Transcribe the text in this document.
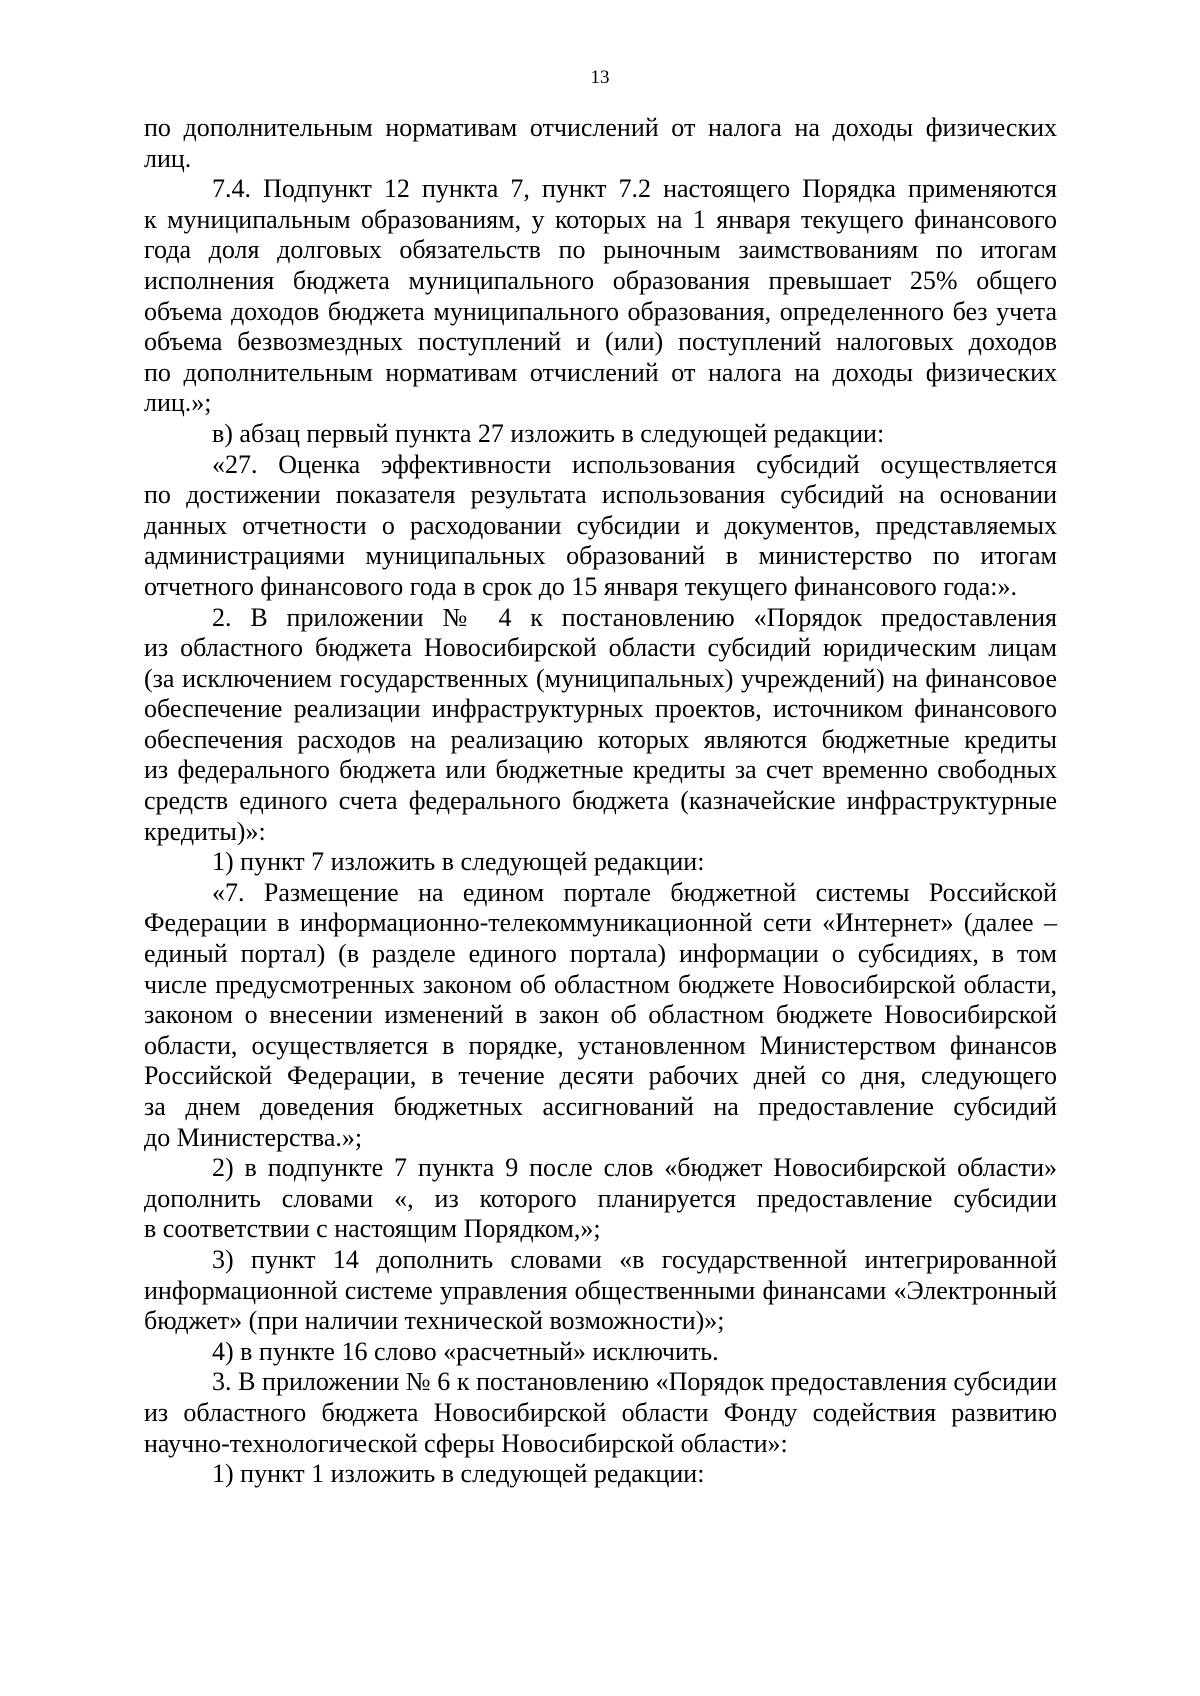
13
по дополнительным нормативам отчислений от налога на доходы физических
лиц.
7.4. Подпункт 12 пункта 7, пункт 7.2 настоящего Порядка применяются
к муниципальным образованиям, у которых на 1 января текущего финансового
года доля долговых обязательств по рыночным заимствованиям по итогам
исполнения бюджета муниципального образования превышает 25% общего
объема доходов бюджета муниципального образования, определенного без учета
объема безвозмездных поступлений и (или) поступлений налоговых доходов
по дополнительным нормативам отчислений от налога на доходы физических
лиц.»;
в) абзац первый пункта 27 изложить в следующей редакции:
«27. Оценка эффективности использования субсидий осуществляется
по достижении показателя результата использования субсидий на основании
данных отчетности о расходовании субсидии и документов, представляемых
администрациями муниципальных образований в министерство по итогам
отчетного финансового года в срок до 15 января текущего финансового года:».
2. В приложении № 4 к постановлению «Порядок предоставления
из областного бюджета Новосибирской области субсидий юридическим лицам
(за исключением государственных (муниципальных) учреждений) на финансовое
обеспечение реализации инфраструктурных проектов, источником финансового
обеспечения расходов на реализацию которых являются бюджетные кредиты
из федерального бюджета или бюджетные кредиты за счет временно свободных
средств единого счета федерального бюджета (казначейские инфраструктурные
кредиты)»:
1) пункт 7 изложить в следующей редакции:
«7. Размещение на едином портале бюджетной системы Российской
Федерации в информационно-телекоммуникационной сети «Интернет» (далее –
единый портал) (в разделе единого портала) информации о субсидиях, в том
числе предусмотренных законом об областном бюджете Новосибирской области,
законом о внесении изменений в закон об областном бюджете Новосибирской
области, осуществляется в порядке, установленном Министерством финансов
Российской Федерации, в течение десяти рабочих дней со дня, следующего
за днем доведения бюджетных ассигнований на предоставление субсидий
до Министерства.»;
2) в подпункте 7 пункта 9 после слов «бюджет Новосибирской области»
дополнить словами «, из которого планируется предоставление субсидии
в соответствии с настоящим Порядком,»;
3) пункт 14 дополнить словами «в государственной интегрированной
информационной системе управления общественными финансами «Электронный
бюджет» (при наличии технической возможности)»;
4) в пункте 16 слово «расчетный» исключить.
3. В приложении № 6 к постановлению «Порядок предоставления субсидии
из областного бюджета Новосибирской области Фонду содействия развитию
научно-технологической сферы Новосибирской области»:
1) пункт 1 изложить в следующей редакции:
